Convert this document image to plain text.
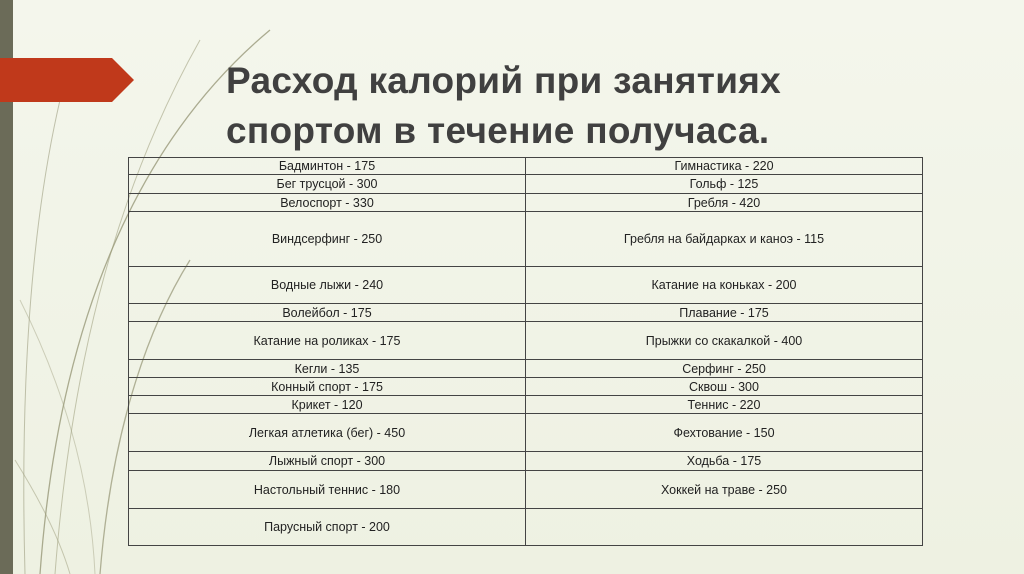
Расход калорий при занятиях
спортом в течение получаса.
Бадминтон - 175	Гимнастика - 220
Бег трусцой - 300	Гольф - 125
Велоспорт - 330	Гребля - 420
Виндсерфинг - 250	Гребля на байдарках и каноэ - 115
Водные лыжи - 240	Катание на коньках - 200
Волейбол - 175	Плавание - 175
Катание на роликах - 175	Прыжки со скакалкой - 400
Кегли - 135	Серфинг - 250
Конный спорт - 175	Сквош - 300
Крикет - 120	Теннис - 220
Легкая атлетика (бег) - 450	Фехтование - 150
Лыжный спорт - 300	Ходьба - 175
Настольный теннис - 180	Хоккей на траве - 250
Парусный спорт - 200	
